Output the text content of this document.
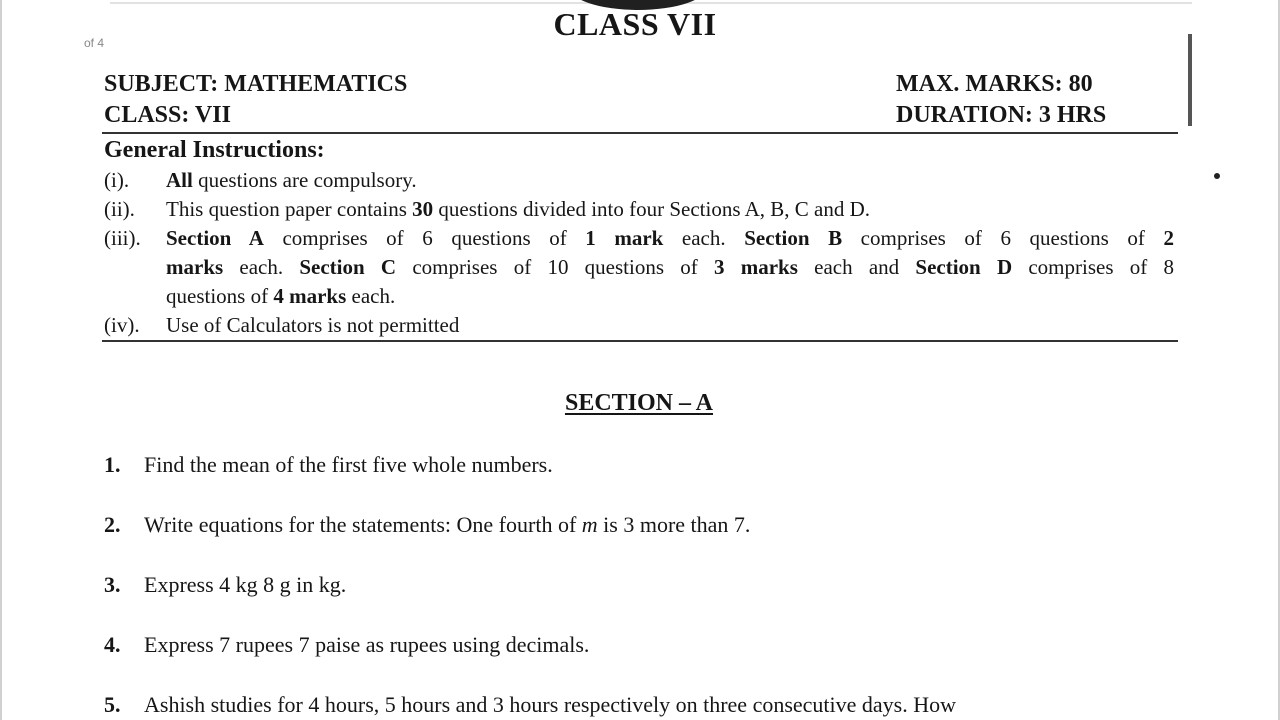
of 4
CLASS VII
SUBJECT: MATHEMATICS
CLASS: VII
MAX. MARKS: 80
DURATION: 3 HRS
General Instructions:
(i). All questions are compulsory.
(ii). This question paper contains 30 questions divided into four Sections A, B, C and D.
(iii). Section A comprises of 6 questions of 1 mark each. Section B comprises of 6 questions of 2
marks each. Section C comprises of 10 questions of 3 marks each and Section D comprises of 8
questions of 4 marks each.
(iv). Use of Calculators is not permitted
SECTION – A
1. Find the mean of the first five whole numbers.
2. Write equations for the statements: One fourth of m is 3 more than 7.
3. Express 4 kg 8 g in kg.
4. Express 7 rupees 7 paise as rupees using decimals.
5. Ashish studies for 4 hours, 5 hours and 3 hours respectively on three consecutive days. How
